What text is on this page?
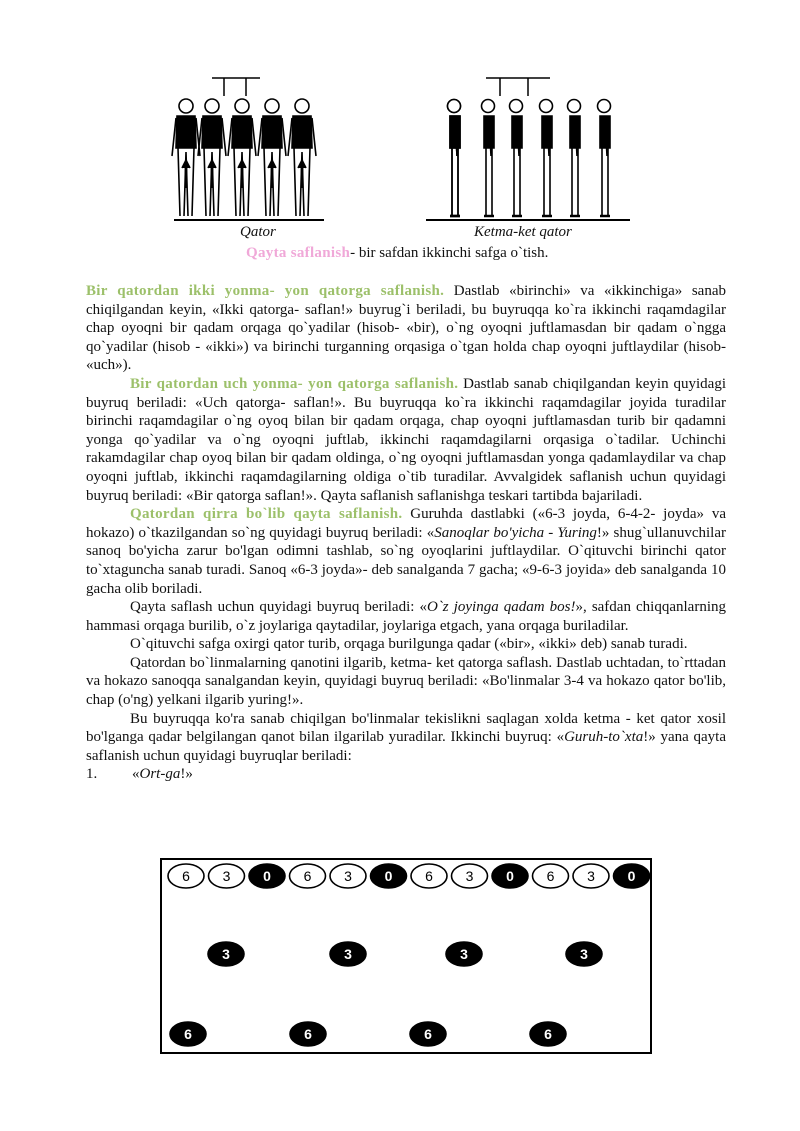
Qator	Ketma-ket qator
Qayta saflanish- bir safdan ikkinchi safga o`tish.

Bir qatordan ikki yonma- yon qatorga saflanish. Dastlab «birinchi» va «ikkinchiga» sanab chiqilgandan keyin, «Ikki qatorga- saflan!» buyrug`i beriladi, bu buyruqqa ko`ra ikkinchi raqamdagilar chap oyoqni bir qadam orqaga qo`yadilar (hisob- «bir), o`ng oyoqni juftlamasdan bir qadam o`ngga qo`yadilar (hisob - «ikki») va birinchi turganning orqasiga o`tgan holda chap oyoqni juftlaydilar (hisob- «uch»).

Bir qatordan uch yonma- yon qatorga saflanish. Dastlab sanab chiqilgandan keyin quyidagi buyruq beriladi: «Uch qatorga- saflan!». Bu buyruqqa ko`ra ikkinchi raqamdagilar joyida turadilar birinchi raqamdagilar o`ng oyoq bilan bir qadam orqaga, chap oyoqni juftlamasdan turib bir qadamni yonga qo`yadilar va o`ng oyoqni juftlab, ikkinchi raqamdagilarni orqasiga o`tadilar. Uchinchi rakamdagilar chap oyoq bilan bir qadam oldinga, o`ng oyoqni juftlamasdan yonga qadamlaydilar va chap oyoqni juftlab, ikkinchi raqamdagilarning oldiga o`tib turadilar. Avvalgidek saflanish uchun quyidagi buyruq beriladi: «Bir qatorga saflan!». Qayta saflanish saflanishga teskari tartibda bajariladi.

Qatordan qirra bo`lib qayta saflanish. Guruhda dastlabki («6-3 joyda, 6-4-2- joyda» va hokazo) o`tkazilgandan so`ng quyidagi buyruq beriladi: «Sanoqlar bo'yicha - Yuring!» shug`ullanuvchilar sanoq bo'yicha zarur bo'lgan odimni tashlab, so`ng oyoqlarini juftlaydilar. O`qituvchi birinchi qator to`xtaguncha sanab turadi. Sanoq «6-3 joyda»- deb sanalganda 7 gacha; «9-6-3 joyida» deb sanalganda 10 gacha olib boriladi.

Qayta saflash uchun quyidagi buyruq beriladi: «O`z joyinga qadam bos!», safdan chiqqanlarning hammasi orqaga burilib, o`z joylariga qaytadilar, joylariga etgach, yana orqaga buriladilar.

O`qituvchi safga oxirgi qator turib, orqaga burilgunga qadar («bir», «ikki» deb) sanab turadi.

Qatordan bo`linmalarning qanotini ilgarib, ketma- ket qatorga saflash. Dastlab uchtadan, to`rttadan va hokazo sanoqqa sanalgandan keyin, quyidagi buyruq beriladi: «Bo'linmalar 3-4 va hokazo qator bo'lib, chap (o'ng) yelkani ilgarib yuring!».

Bu buyruqqa ko'ra sanab chiqilgan bo'linmalar tekislikni saqlagan xolda ketma - ket qator xosil bo'lganga qadar belgilangan qanot bilan ilgarilab yuradilar. Ikkinchi buyruq: «Guruh-to`xta!» yana qayta saflanish uchun quyidagi buyruqlar beriladi:

1.	«Ort-ga!»

6 3 0 6 3 0 6 3 0 6 3 0
3	3	3	3
6	6	6	6
